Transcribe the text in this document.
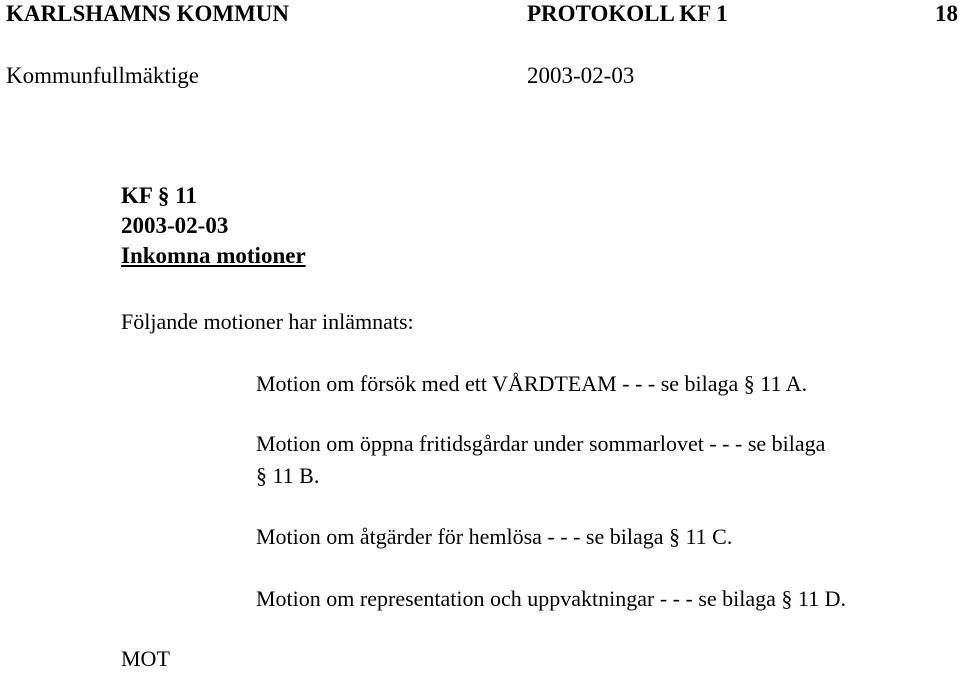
KARLSHAMNS KOMMUN	PROTOKOLL KF 1	18
Kommunfullmäktige	2003-02-03
KF § 11
2003-02-03
Inkomna motioner
Följande motioner har inlämnats:
Motion om försök med ett VÅRDTEAM - - - se bilaga § 11 A.
Motion om öppna fritidsgårdar under sommarlovet - - - se bilaga
§ 11 B.
Motion om åtgärder för hemlösa - - - se bilaga § 11 C.
Motion om representation och uppvaktningar - - - se bilaga § 11 D.
MOT
